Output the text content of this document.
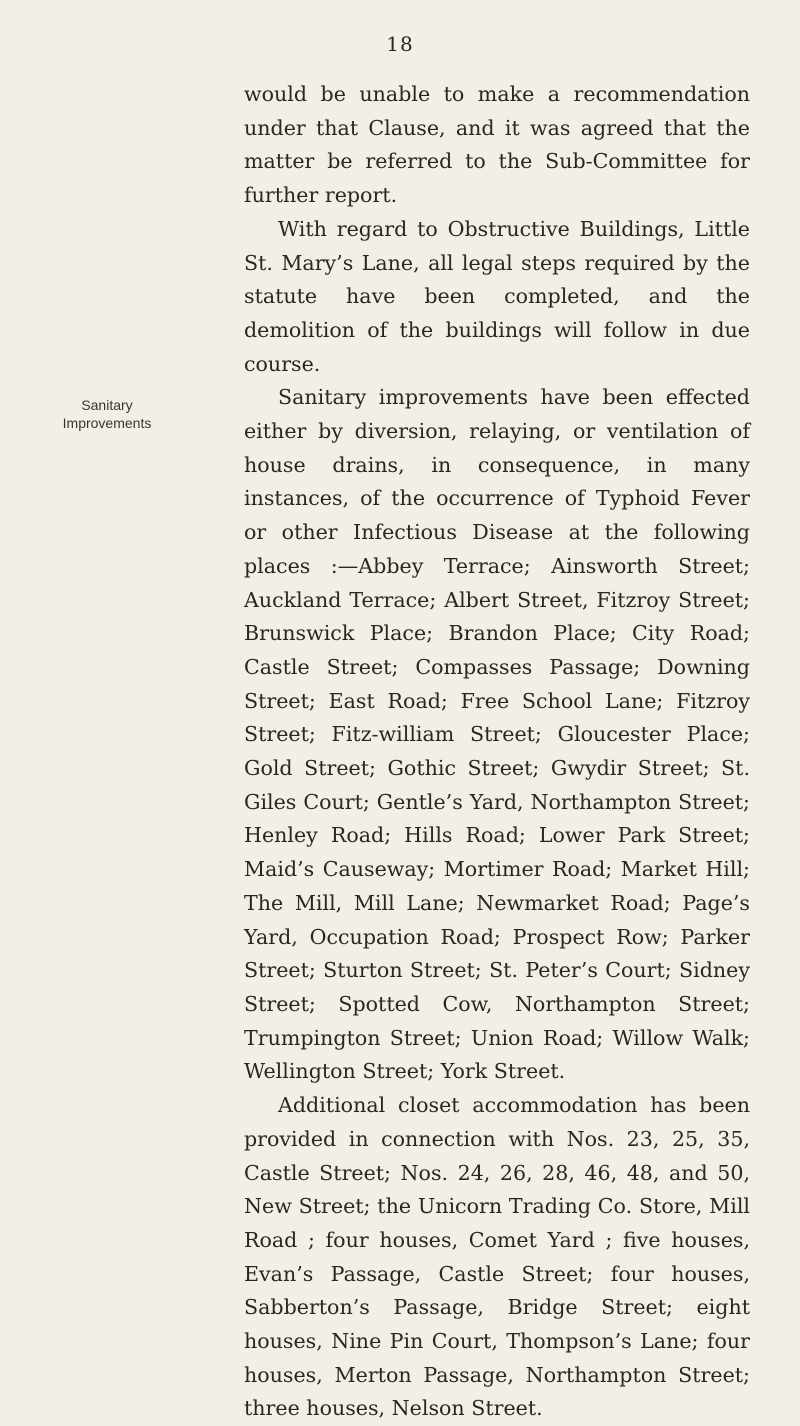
18
Sanitary
Improvements

would be unable to make a recommendation under that Clause, and it was agreed that the matter be referred to the Sub-Committee for further report.

With regard to Obstructive Buildings, Little St. Mary’s Lane, all legal steps required by the statute have been completed, and the demolition of the buildings will follow in due course.

Sanitary improvements have been effected either by diversion, relaying, or ventilation of house drains, in consequence, in many instances, of the occurrence of Typhoid Fever or other Infectious Disease at the following places :—Abbey Terrace; Ainsworth Street; Auckland Terrace; Albert Street, Fitzroy Street; Brunswick Place; Brandon Place; City Road; Castle Street; Compasses Passage; Downing Street; East Road; Free School Lane; Fitzroy Street; Fitz-william Street; Gloucester Place; Gold Street; Gothic Street; Gwydir Street; St. Giles Court; Gentle’s Yard, Northampton Street; Henley Road; Hills Road; Lower Park Street; Maid’s Causeway; Mortimer Road; Market Hill; The Mill, Mill Lane; Newmarket Road; Page’s Yard, Occupation Road; Prospect Row; Parker Street; Sturton Street; St. Peter’s Court; Sidney Street; Spotted Cow, Northampton Street; Trumpington Street; Union Road; Willow Walk; Wellington Street; York Street.

Additional closet accommodation has been provided in connection with Nos. 23, 25, 35, Castle Street; Nos. 24, 26, 28, 46, 48, and 50, New Street; the Unicorn Trading Co. Store, Mill Road ; four houses, Comet Yard ; five houses, Evan’s Passage, Castle Street; four houses, Sabberton’s Passage, Bridge Street; eight houses, Nine Pin Court, Thompson’s Lane; four houses, Merton Passage, Northampton Street; three houses, Nelson Street.
